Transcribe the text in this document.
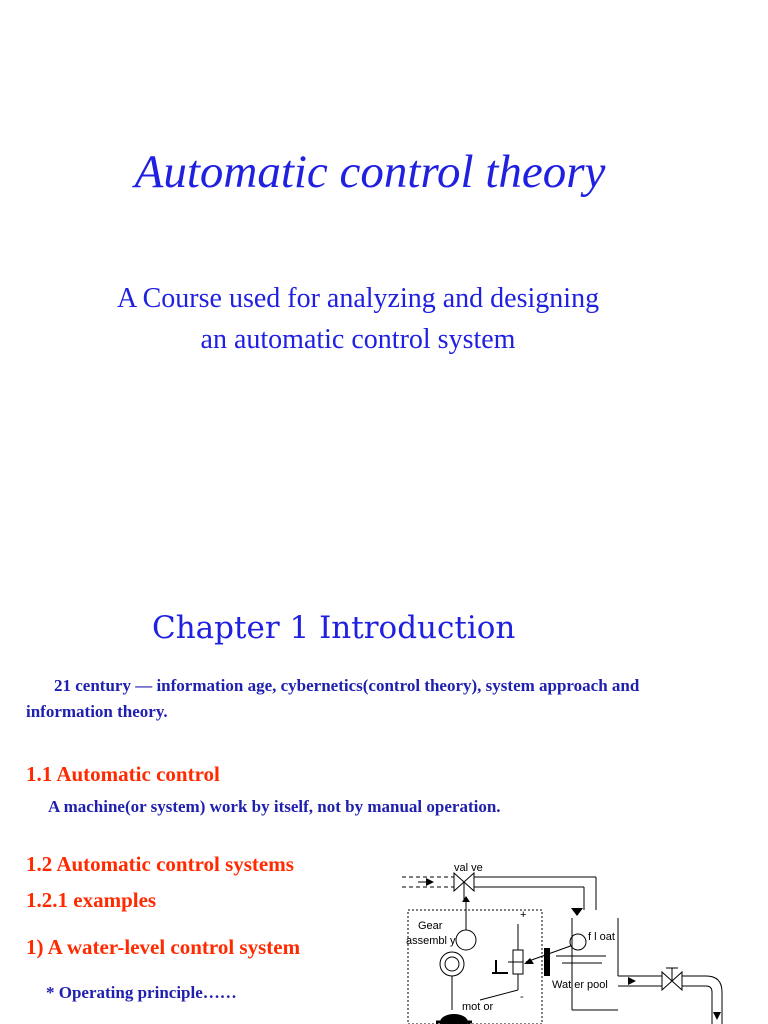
Automatic control theory
A Course used for analyzing and designing an automatic control system
Chapter 1 Introduction
21 century — information age, cybernetics(control theory), system approach and information theory.
1.1 Automatic control
A machine(or system) work by itself, not by manual operation.
1.2 Automatic control systems
1.2.1 examples
1) A water-level control system
* Operating principle……
val ve
Gear
assembl y
+
-
f l oat
Wat er pool
mot or
